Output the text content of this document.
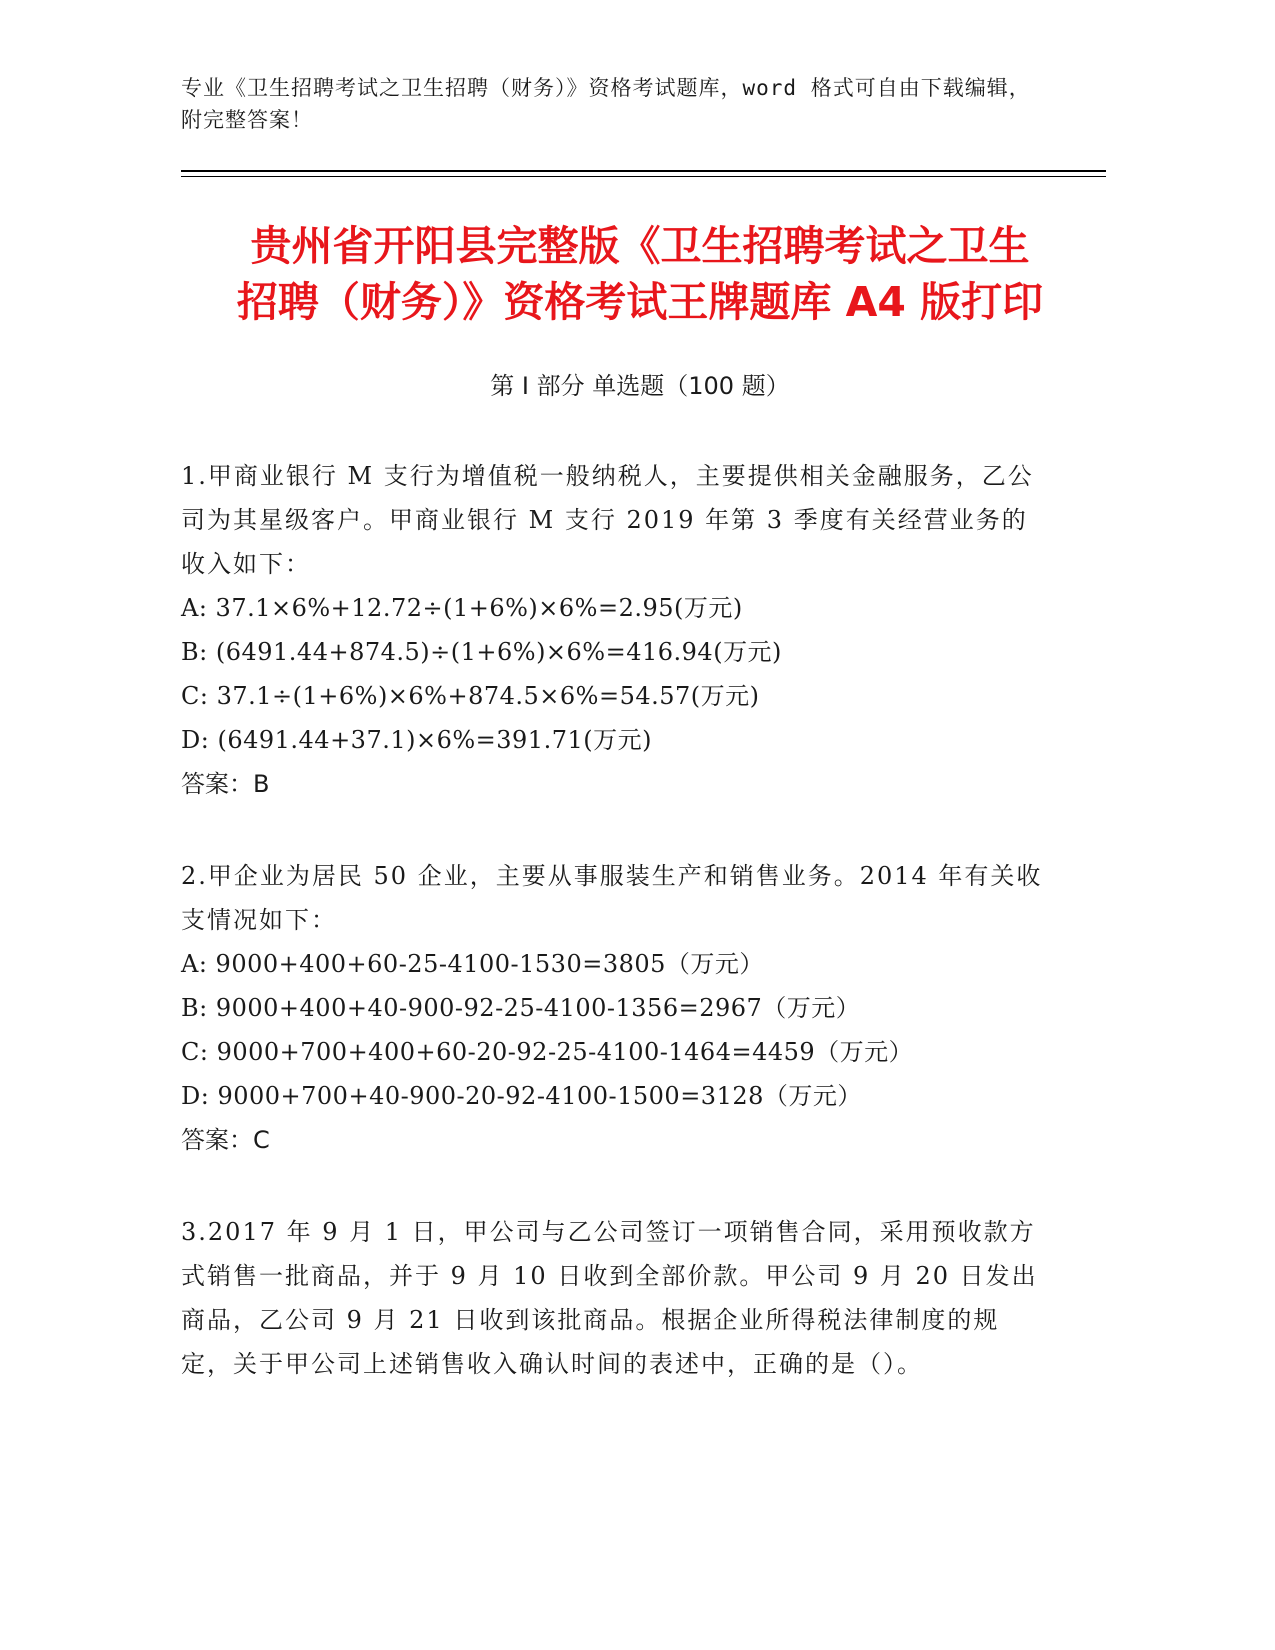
专业《卫生招聘考试之卫生招聘（财务）》资格考试题库，word 格式可自由下载编辑，附完整答案！
贵州省开阳县完整版《卫生招聘考试之卫生
招聘（财务）》资格考试王牌题库 A4 版打印
第 I 部分 单选题（100 题）
1.甲商业银行 M 支行为增值税一般纳税人，主要提供相关金融服务，乙公司为其星级客户。甲商业银行 M 支行 2019 年第 3 季度有关经营业务的收入如下：
A: 37.1×6%+12.72÷(1+6%)×6%=2.95(万元)
B: (6491.44+874.5)÷(1+6%)×6%=416.94(万元)
C: 37.1÷(1+6%)×6%+874.5×6%=54.57(万元)
D: (6491.44+37.1)×6%=391.71(万元)
答案：B
2.甲企业为居民 50 企业，主要从事服装生产和销售业务。2014 年有关收支情况如下：
A: 9000+400+60-25-4100-1530=3805（万元）
B: 9000+400+40-900-92-25-4100-1356=2967（万元）
C: 9000+700+400+60-20-92-25-4100-1464=4459（万元）
D: 9000+700+40-900-20-92-4100-1500=3128（万元）
答案：C
3.2017 年 9 月 1 日，甲公司与乙公司签订一项销售合同，采用预收款方式销售一批商品，并于 9 月 10 日收到全部价款。甲公司 9 月 20 日发出商品，乙公司 9 月 21 日收到该批商品。根据企业所得税法律制度的规定，关于甲公司上述销售收入确认时间的表述中，正确的是（）。
